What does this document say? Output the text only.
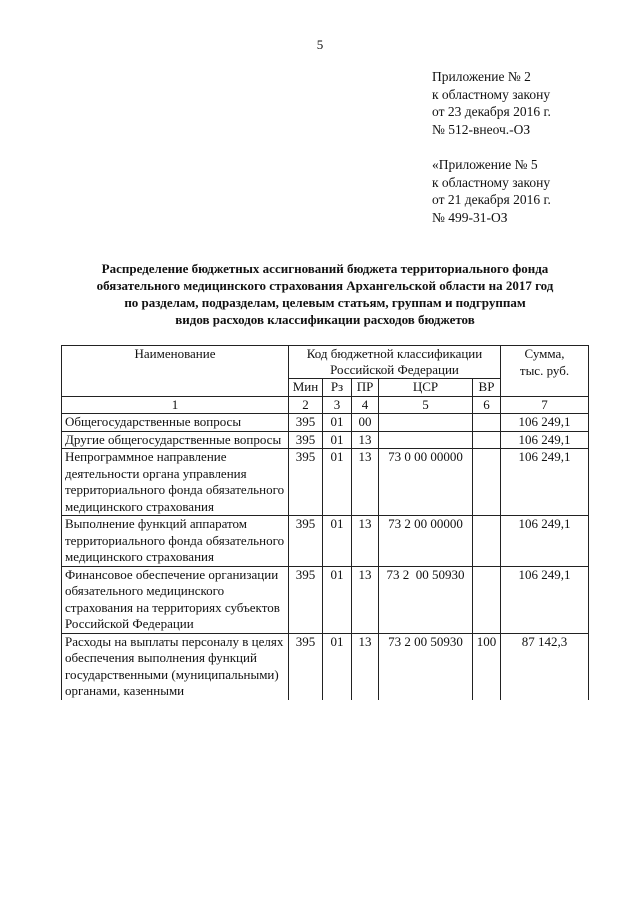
5
Приложение № 2
к областному закону
от 23 декабря 2016 г.
№ 512-внеоч.-ОЗ
«Приложение № 5
к областному закону
от 21 декабря 2016 г.
№ 499-31-ОЗ
Распределение бюджетных ассигнований бюджета территориального фонда
обязательного медицинского страхования Архангельской области на 2017 год
по разделам, подразделам, целевым статьям, группам и подгруппам
видов расходов классификации расходов бюджетов
Наименование	Код бюджетной классификации Российской Федерации					Сумма, тыс. руб.
	Мин	Рз	ПР	ЦСР	ВР	
1	2	3	4	5	6	7
Общегосударственные вопросы	395	01	00			106 249,1
Другие общегосударственные вопросы	395	01	13			106 249,1
Непрограммное направление деятельности органа управления территориального фонда обязательного медицинского страхования	395	01	13	73 0 00 00000		106 249,1
Выполнение функций аппаратом территориального фонда обязательного медицинского страхования	395	01	13	73 2 00 00000		106 249,1
Финансовое обеспечение организации обязательного медицинского страхования на территориях субъектов Российской Федерации	395	01	13	73 2  00 50930		106 249,1
Расходы на выплаты персоналу в целях обеспечения выполнения функций государственными (муниципальными) органами, казенными	395	01	13	73 2 00 50930	100	87 142,3
